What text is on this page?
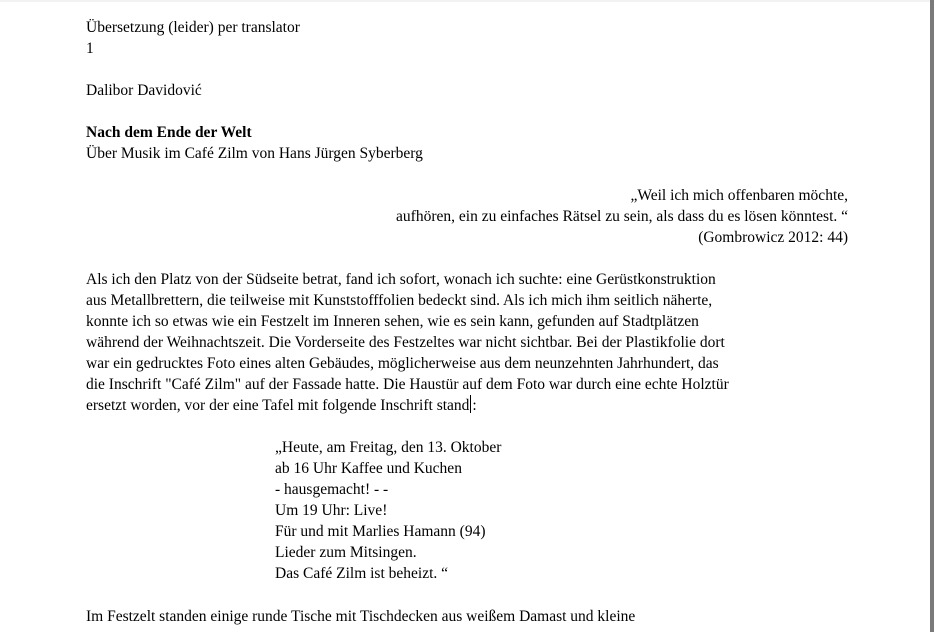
Übersetzung (leider) per translator
1
Dalibor Davidović
Nach dem Ende der Welt
Über Musik im Café Zilm von Hans Jürgen Syberberg
„Weil ich mich offenbaren möchte,
aufhören, ein zu einfaches Rätsel zu sein, als dass du es lösen könntest. “
(Gombrowicz 2012: 44)
Als ich den Platz von der Südseite betrat, fand ich sofort, wonach ich suchte: eine Gerüstkonstruktion
aus Metallbrettern, die teilweise mit Kunststofffolien bedeckt sind. Als ich mich ihm seitlich näherte,
konnte ich so etwas wie ein Festzelt im Inneren sehen, wie es sein kann, gefunden auf Stadtplätzen
während der Weihnachtszeit. Die Vorderseite des Festzeltes war nicht sichtbar. Bei der Plastikfolie dort
war ein gedrucktes Foto eines alten Gebäudes, möglicherweise aus dem neunzehnten Jahrhundert, das
die Inschrift "Café Zilm" auf der Fassade hatte. Die Haustür auf dem Foto war durch eine echte Holztür
ersetzt worden, vor der eine Tafel mit folgende Inschrift stand :
„Heute, am Freitag, den 13. Oktober
ab 16 Uhr Kaffee und Kuchen
- hausgemacht! - -
Um 19 Uhr: Live!
Für und mit Marlies Hamann (94)
Lieder zum Mitsingen.
Das Café Zilm ist beheizt. “
Im Festzelt standen einige runde Tische mit Tischdecken aus weißem Damast und kleine
